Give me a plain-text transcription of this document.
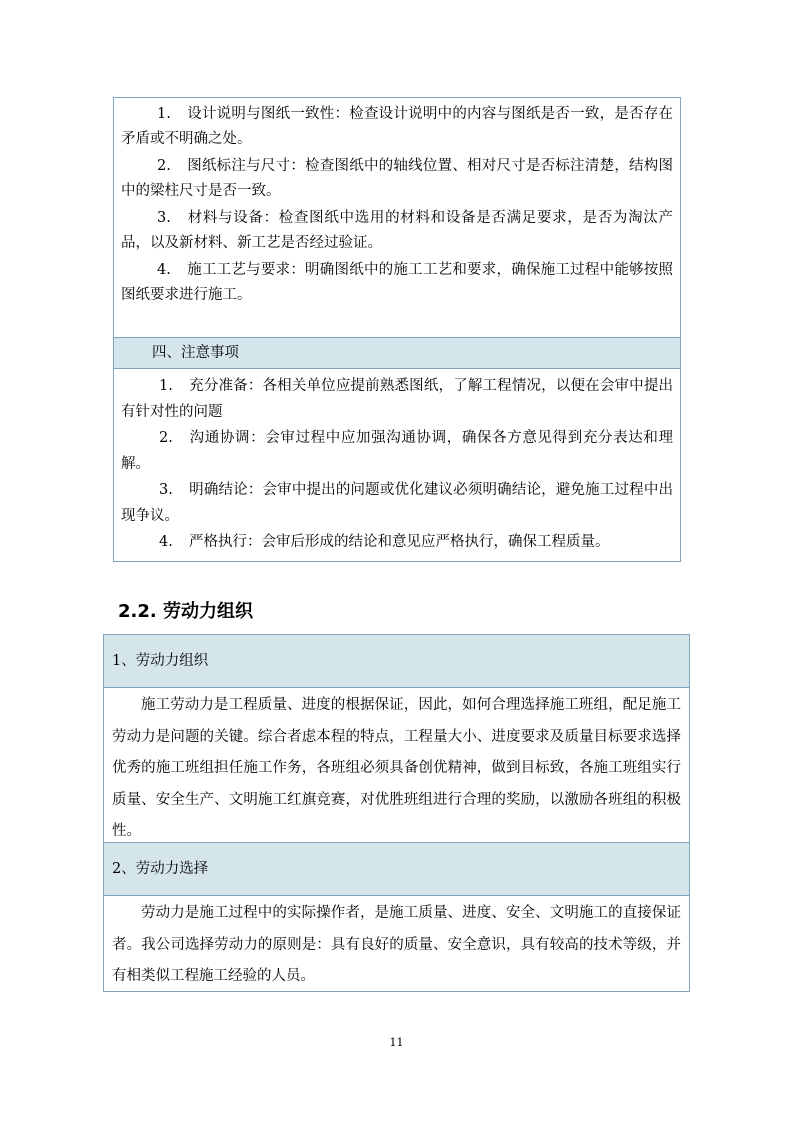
1. 设计说明与图纸一致性：检查设计说明中的内容与图纸是否一致，是否存在矛盾或不明确之处。
2. 图纸标注与尺寸：检查图纸中的轴线位置、相对尺寸是否标注清楚，结构图中的梁柱尺寸是否一致。
3. 材料与设备：检查图纸中选用的材料和设备是否满足要求，是否为淘汰产品，以及新材料、新工艺是否经过验证。
4. 施工工艺与要求：明确图纸中的施工工艺和要求，确保施工过程中能够按照图纸要求进行施工。
四、注意事项
1. 充分准备：各相关单位应提前熟悉图纸，了解工程情况，以便在会审中提出有针对性的问题
2. 沟通协调：会审过程中应加强沟通协调，确保各方意见得到充分表达和理解。
3. 明确结论：会审中提出的问题或优化建议必须明确结论，避免施工过程中出现争议。
4. 严格执行：会审后形成的结论和意见应严格执行，确保工程质量。
2.2. 劳动力组织
1、劳动力组织
施工劳动力是工程质量、进度的根据保证，因此，如何合理选择施工班组，配足施工劳动力是问题的关键。综合者虑本程的特点，工程量大小、进度要求及质量目标要求选择优秀的施工班组担任施工作务，各班组必须具备创优精神，做到目标致，各施工班组实行质量、安全生产、文明施工红旗竞赛，对优胜班组进行合理的奖励，以激励各班组的积极性。
2、劳动力选择
劳动力是施工过程中的实际操作者，是施工质量、进度、安全、文明施工的直接保证者。我公司选择劳动力的原则是：具有良好的质量、安全意识，具有较高的技术等级，并有相类似工程施工经验的人员。
11
